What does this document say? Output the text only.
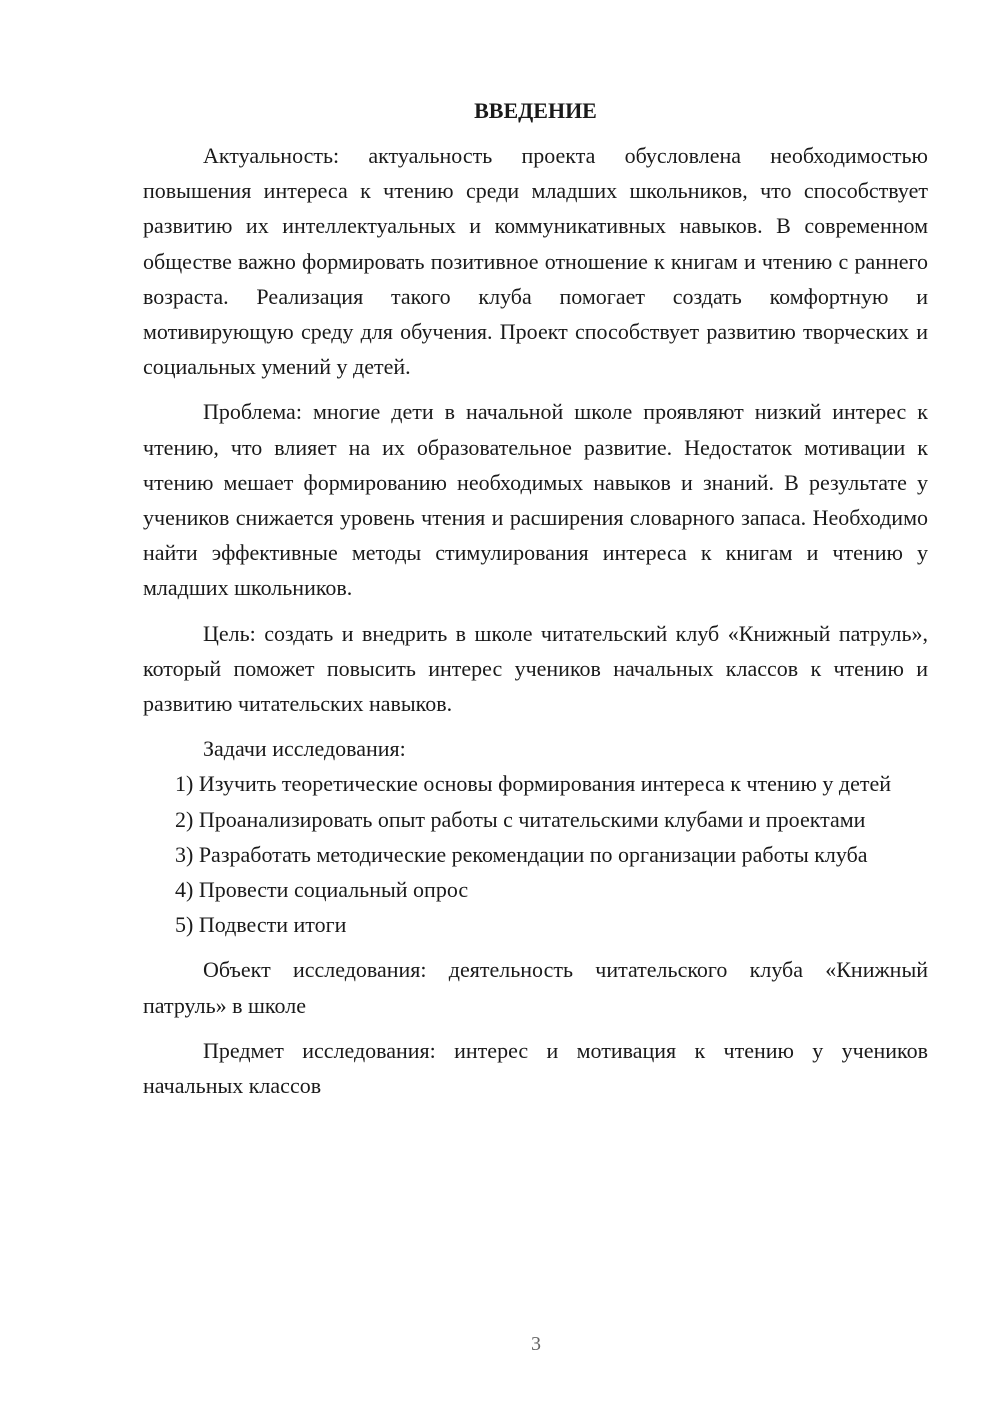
ВВЕДЕНИЕ

Актуальность: актуальность проекта обусловлена необходимостью повышения интереса к чтению среди младших школьников, что способствует развитию их интеллектуальных и коммуникативных навыков. В современном обществе важно формировать позитивное отношение к книгам и чтению с раннего возраста. Реализация такого клуба помогает создать комфортную и мотивирующую среду для обучения. Проект способствует развитию творческих и социальных умений у детей.

Проблема: многие дети в начальной школе проявляют низкий интерес к чтению, что влияет на их образовательное развитие. Недостаток мотивации к чтению мешает формированию необходимых навыков и знаний. В результате у учеников снижается уровень чтения и расширения словарного запаса. Необходимо найти эффективные методы стимулирования интереса к книгам и чтению у младших школьников.

Цель: создать и внедрить в школе читательский клуб «Книжный патруль», который поможет повысить интерес учеников начальных классов к чтению и развитию читательских навыков.

Задачи исследования:

1) Изучить теоретические основы формирования интереса к чтению у детей

2) Проанализировать опыт работы с читательскими клубами и проектами

3) Разработать методические рекомендации по организации работы клуба

4) Провести социальный опрос

5) Подвести итоги

Объект исследования: деятельность читательского клуба «Книжный патруль» в школе

Предмет исследования: интерес и мотивация к чтению у учеников начальных классов

3
